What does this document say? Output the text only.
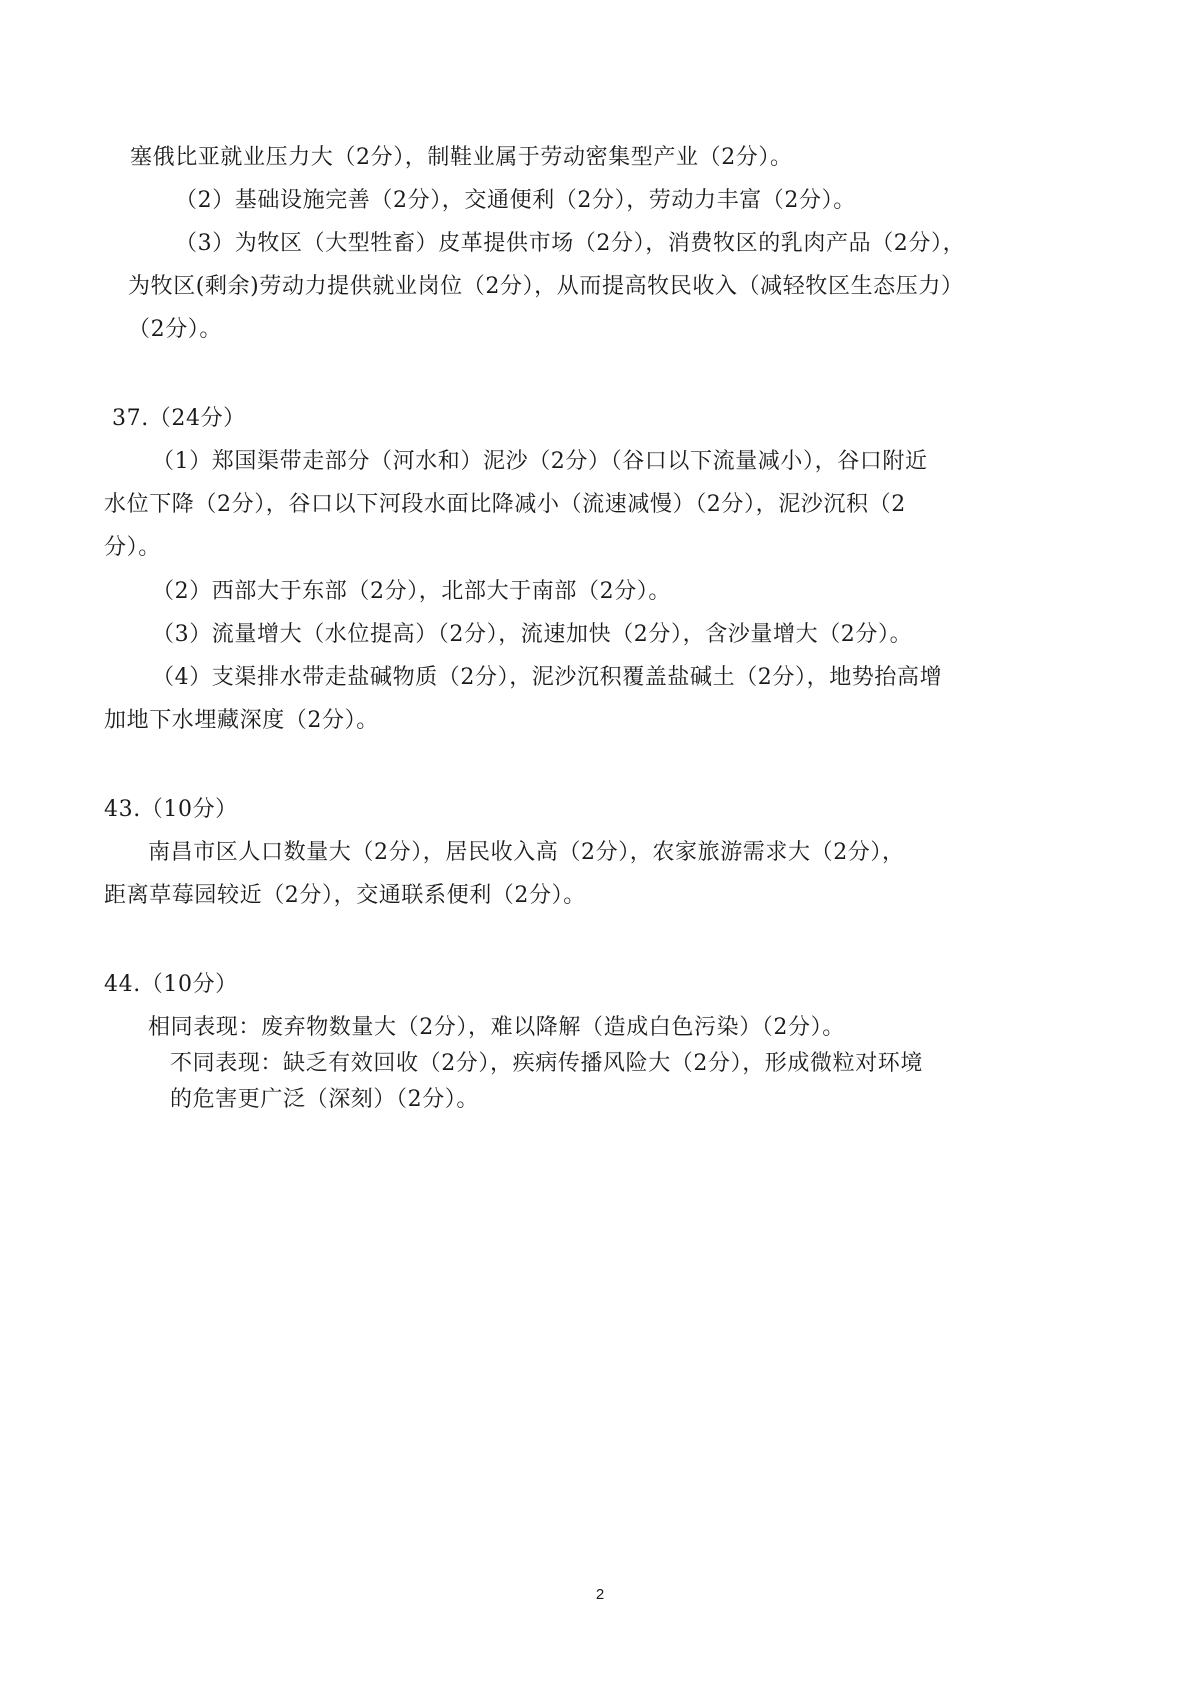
塞俄比亚就业压力大（2分），制鞋业属于劳动密集型产业（2分）。
（2）基础设施完善（2分），交通便利（2分），劳动力丰富（2分）。
（3）为牧区（大型牲畜）皮革提供市场（2分），消费牧区的乳肉产品（2分），
为牧区(剩余)劳动力提供就业岗位（2分），从而提高牧民收入（减轻牧区生态压力）
（2分）。
37.（24分）
（1）郑国渠带走部分（河水和）泥沙（2分）（谷口以下流量减小），谷口附近
水位下降（2分），谷口以下河段水面比降减小（流速减慢）（2分），泥沙沉积（2
分）。
（2）西部大于东部（2分），北部大于南部（2分）。
（3）流量增大（水位提高）（2分），流速加快（2分），含沙量增大（2分）。
（4）支渠排水带走盐碱物质（2分），泥沙沉积覆盖盐碱土（2分），地势抬高增
加地下水埋藏深度（2分）。
43.（10分）
南昌市区人口数量大（2分），居民收入高（2分），农家旅游需求大（2分），
距离草莓园较近（2分），交通联系便利（2分）。
44.（10分）
相同表现：废弃物数量大（2分），难以降解（造成白色污染）（2分）。
不同表现：缺乏有效回收（2分），疾病传播风险大（2分），形成微粒对环境
的危害更广泛（深刻）（2分）。
2
